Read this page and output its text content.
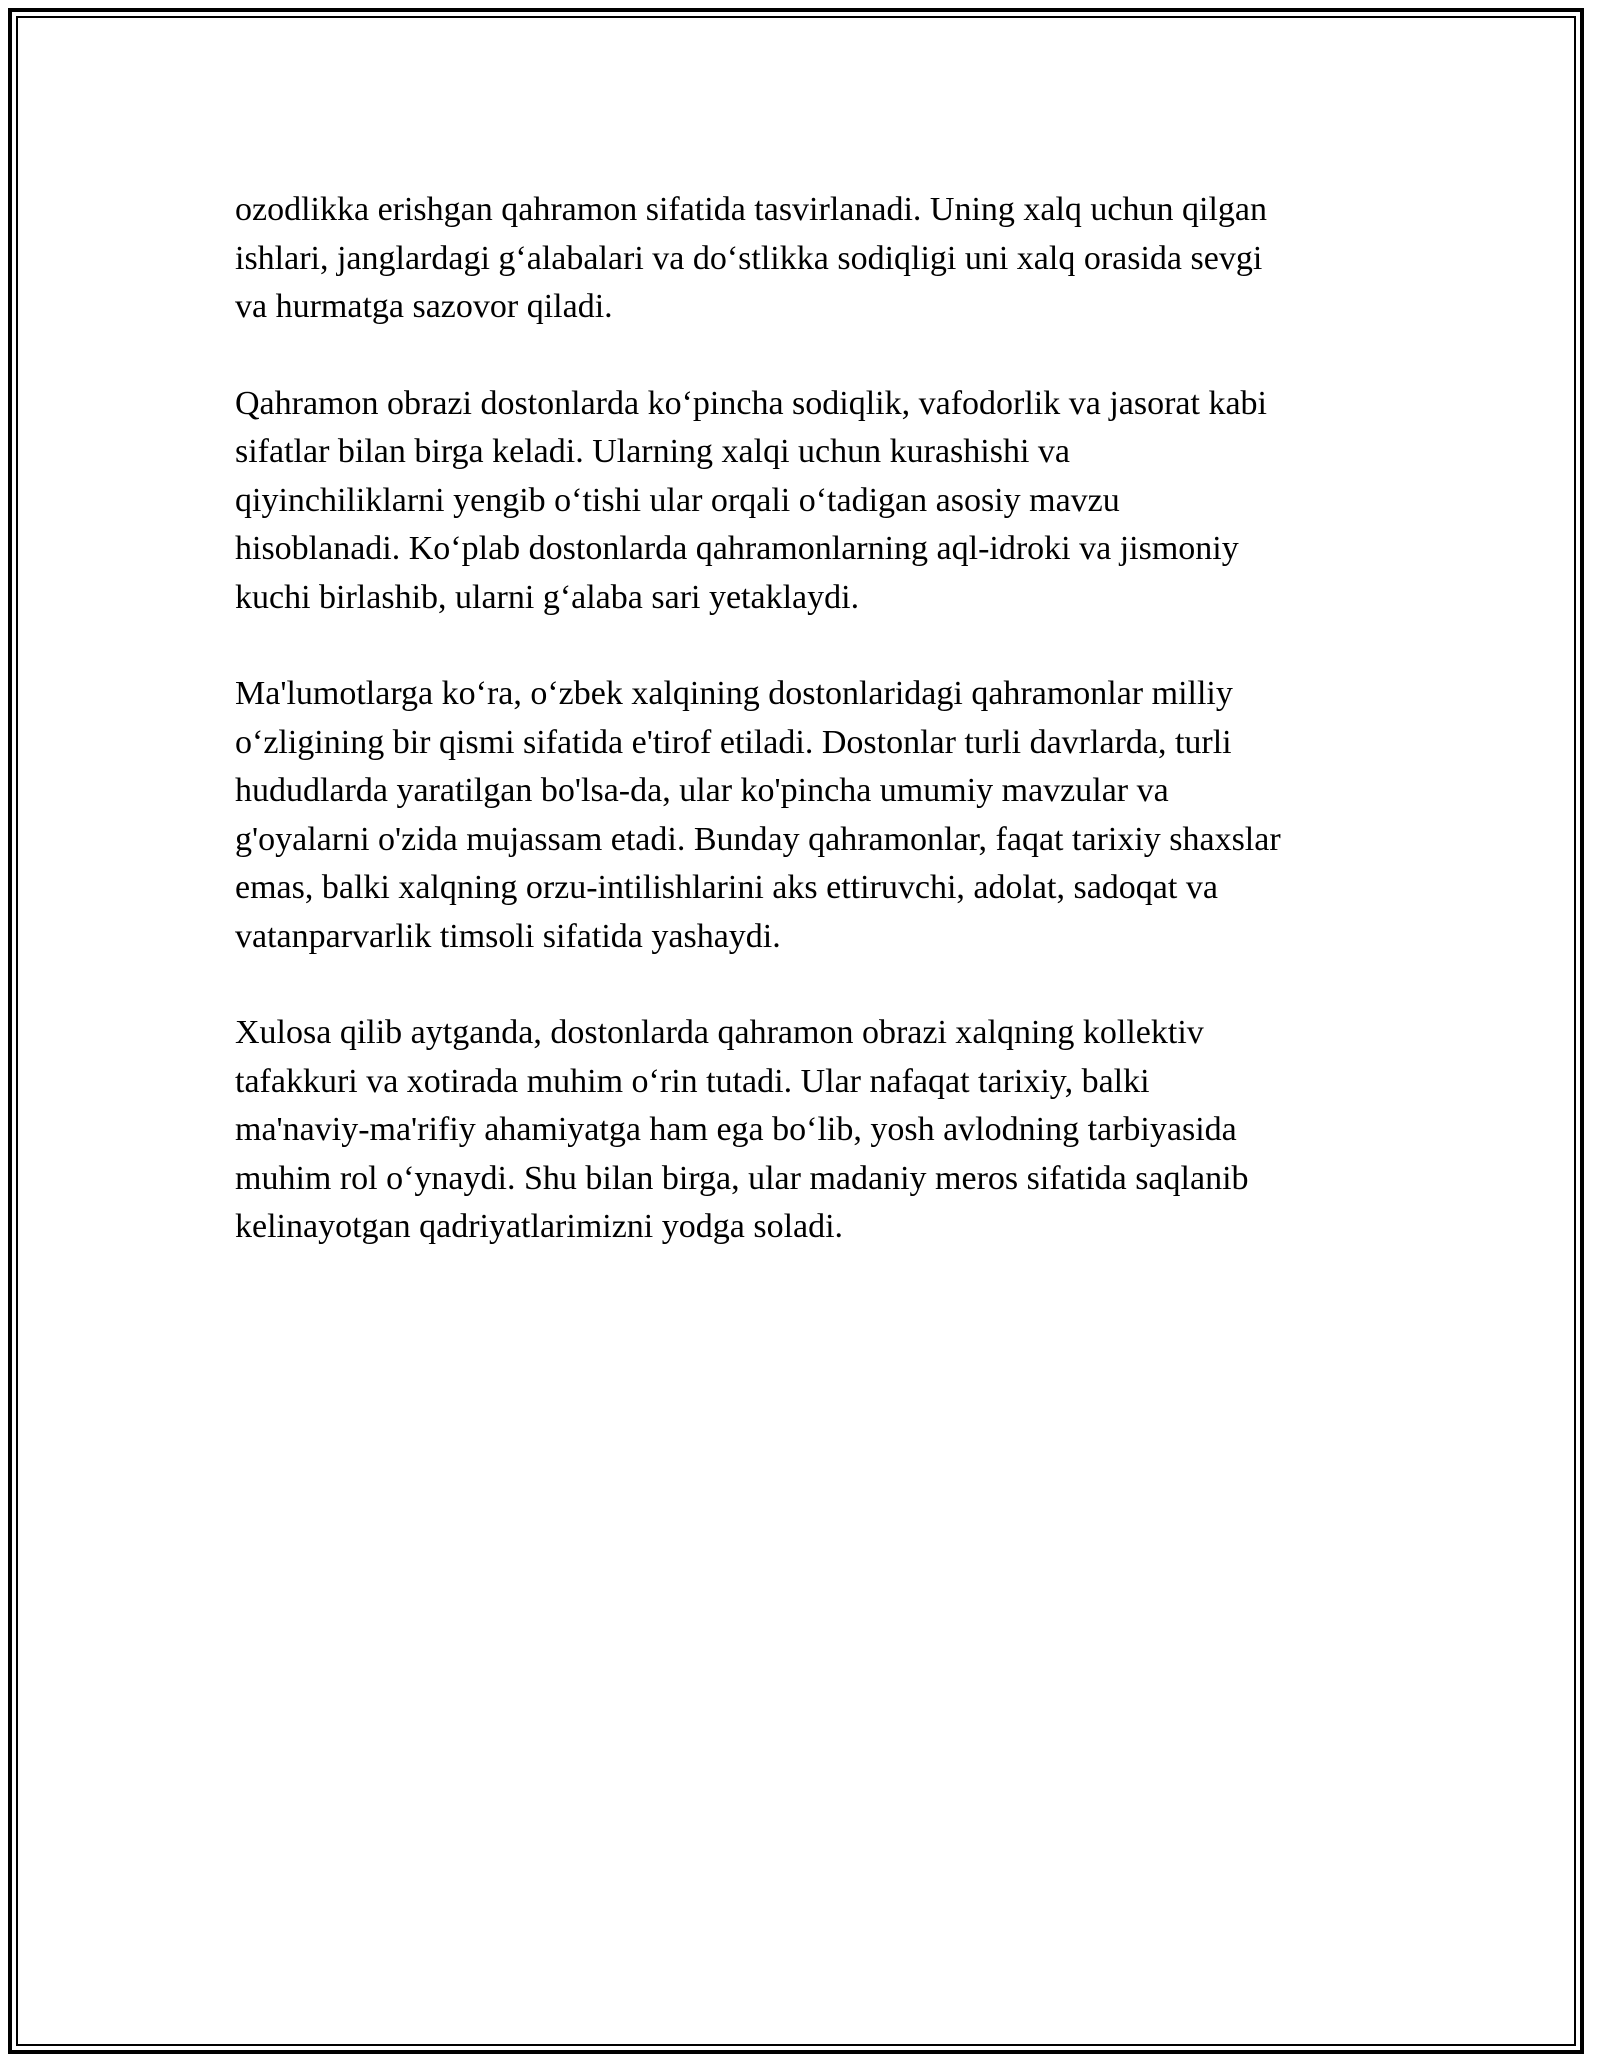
ozodlikka erishgan qahramon sifatida tasvirlanadi. Uning xalq uchun qilgan
ishlari, janglardagi g‘alabalari va do‘stlikka sodiqligi uni xalq orasida sevgi
va hurmatga sazovor qiladi.

Qahramon obrazi dostonlarda ko‘pincha sodiqlik, vafodorlik va jasorat kabi
sifatlar bilan birga keladi. Ularning xalqi uchun kurashishi va
qiyinchiliklarni yengib o‘tishi ular orqali o‘tadigan asosiy mavzu
hisoblanadi. Ko‘plab dostonlarda qahramonlarning aql-idroki va jismoniy
kuchi birlashib, ularni g‘alaba sari yetaklaydi.

Ma'lumotlarga ko‘ra, o‘zbek xalqining dostonlaridagi qahramonlar milliy
o‘zligining bir qismi sifatida e'tirof etiladi. Dostonlar turli davrlarda, turli
hududlarda yaratilgan bo'lsa-da, ular ko'pincha umumiy mavzular va
g'oyalarni o'zida mujassam etadi. Bunday qahramonlar, faqat tarixiy shaxslar
emas, balki xalqning orzu-intilishlarini aks ettiruvchi, adolat, sadoqat va
vatanparvarlik timsoli sifatida yashaydi.

Xulosa qilib aytganda, dostonlarda qahramon obrazi xalqning kollektiv
tafakkuri va xotirada muhim o‘rin tutadi. Ular nafaqat tarixiy, balki
ma'naviy-ma'rifiy ahamiyatga ham ega bo‘lib, yosh avlodning tarbiyasida
muhim rol o‘ynaydi. Shu bilan birga, ular madaniy meros sifatida saqlanib
kelinayotgan qadriyatlarimizni yodga soladi.
